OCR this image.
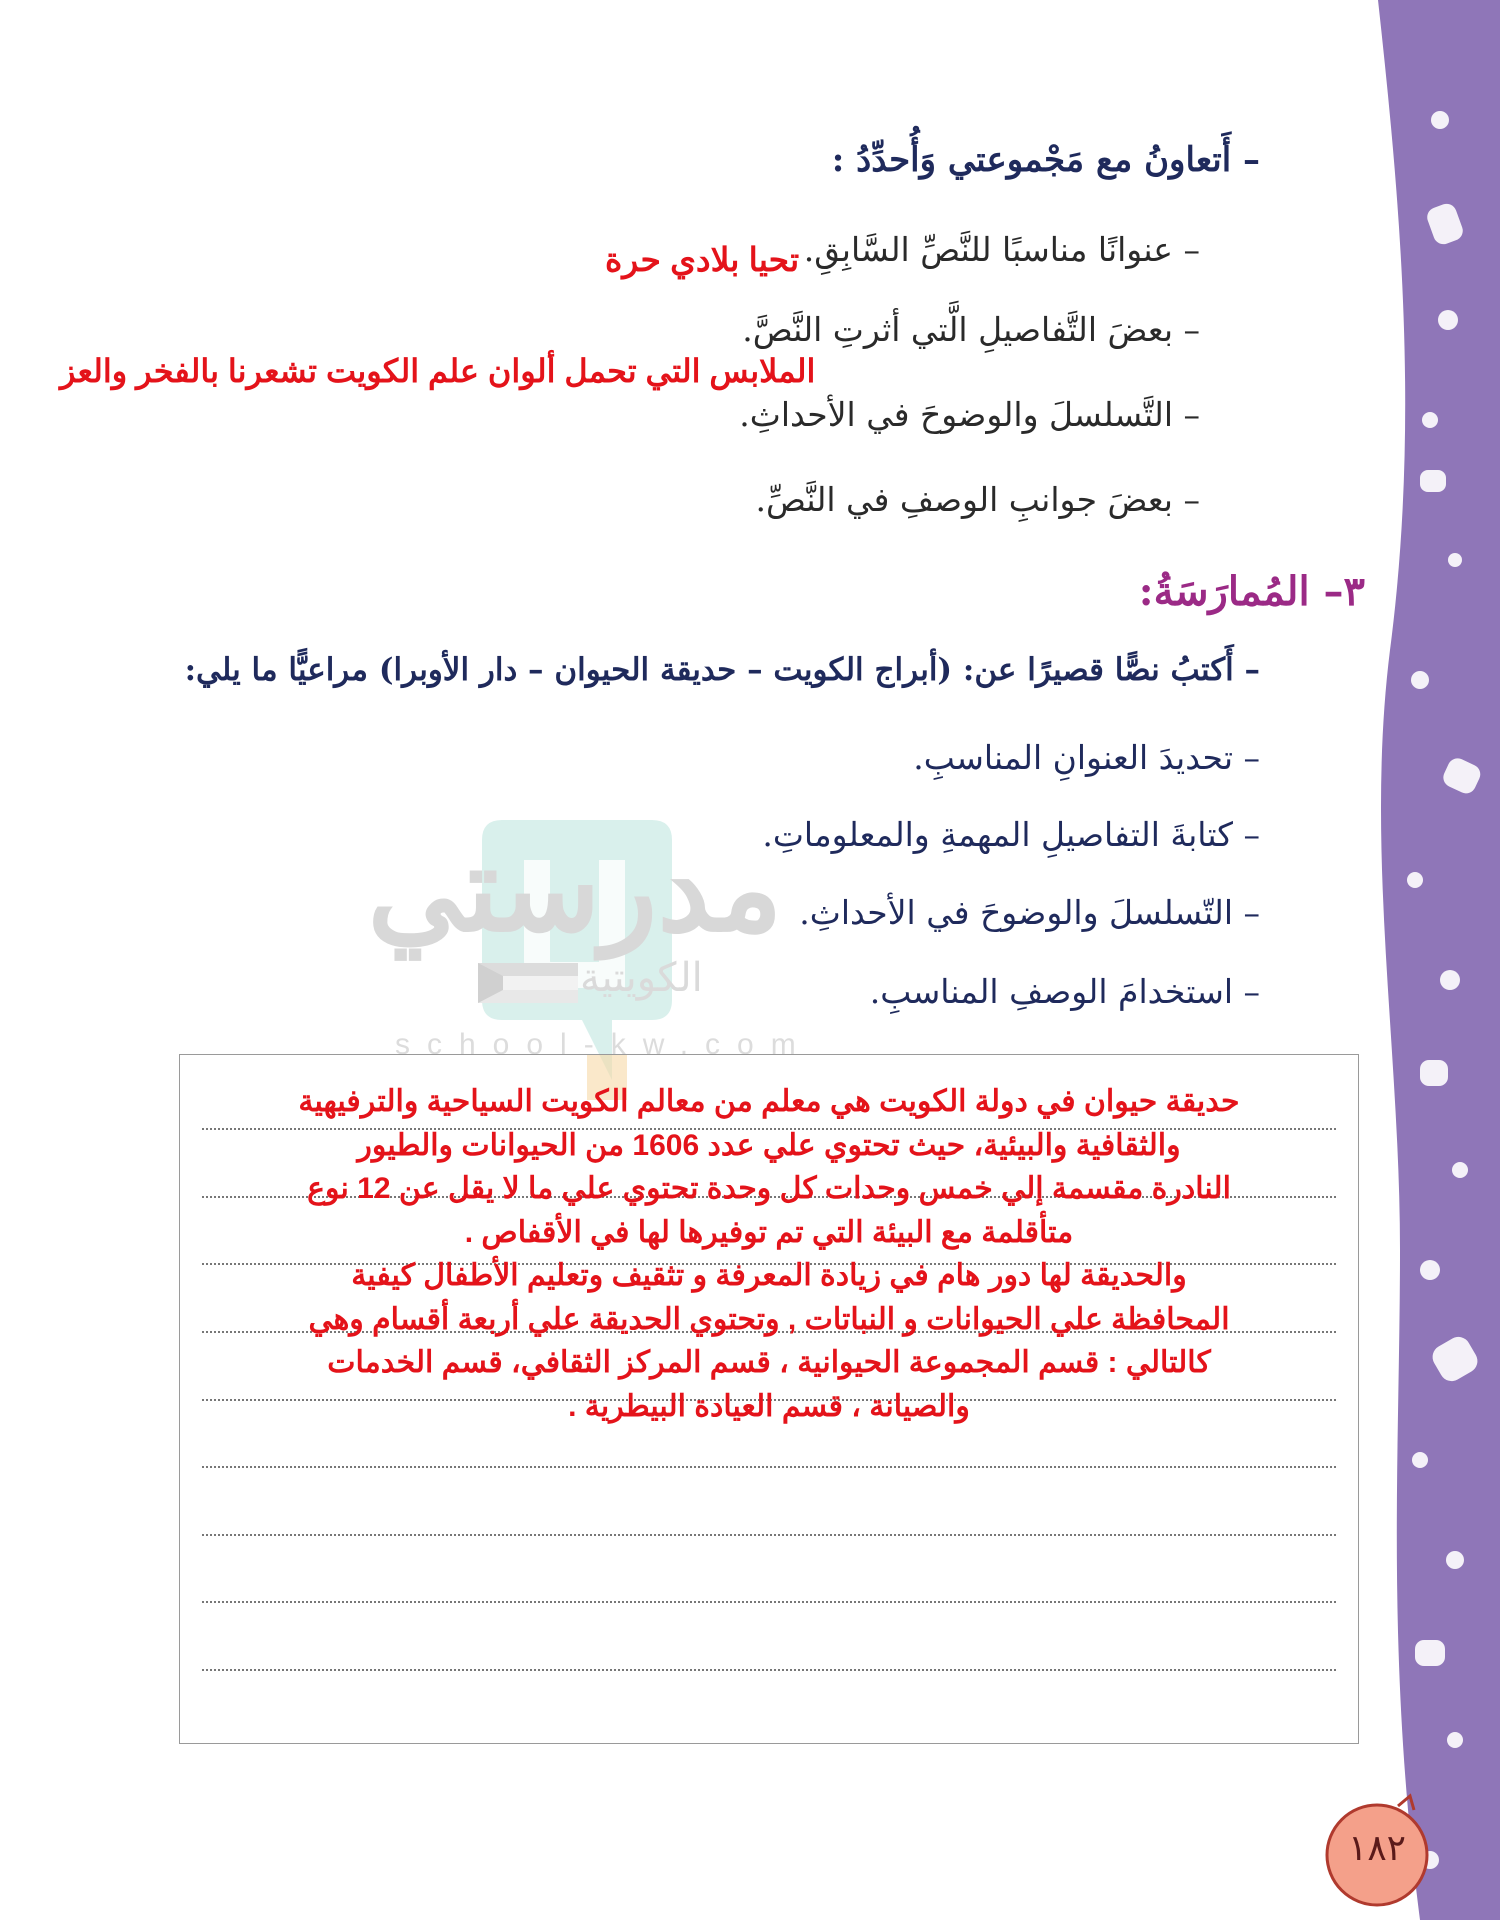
– أَتعاونُ مع مَجْموعتي وَأُحدِّدُ :
– عنوانًا مناسبًا للنَّصِّ السَّابِقِ.
تحيا بلادي حرة
– بعضَ التَّفاصيلِ الَّتي أثرتِ النَّصَّ.
الملابس التي تحمل ألوان علم الكويت تشعرنا بالفخر والعز
– التَّسلسلَ والوضوحَ في الأحداثِ.
– بعضَ جوانبِ الوصفِ في النَّصِّ.
٣– المُمارَسَةُ:
– أَكتبُ نصًّا قصيرًا عن: (أبراج الكويت – حديقة الحيوان – دار الأوبرا) مراعيًّا ما يلي:
– تحديدَ العنوانِ المناسبِ.
– كتابةَ التفاصيلِ المهمةِ والمعلوماتِ.
– التّسلسلَ والوضوحَ في الأحداثِ.
– استخدامَ الوصفِ المناسبِ.
مدرستي
الكويتية
school-kw.com
حديقة حيوان في دولة الكويت هي معلم من معالم الكويت السياحية والترفيهية
والثقافية والبيئية، حيث تحتوي علي عدد 1606 من الحيوانات والطيور
النادرة مقسمة إلي خمس وحدات كل وحدة تحتوي علي ما لا يقل عن 12 نوع
متأقلمة مع البيئة التي تم توفيرها لها في الأقفاص .
والحديقة لها دور هام في زيادة المعرفة و تثقيف وتعليم الأطفال كيفية
المحافظة علي الحيوانات و النباتات , وتحتوي الحديقة علي أربعة أقسام وهي
كالتالي : قسم المجموعة الحيوانية ، قسم المركز الثقافي، قسم الخدمات
والصيانة ، قسم العيادة البيطرية .
١٨٢
